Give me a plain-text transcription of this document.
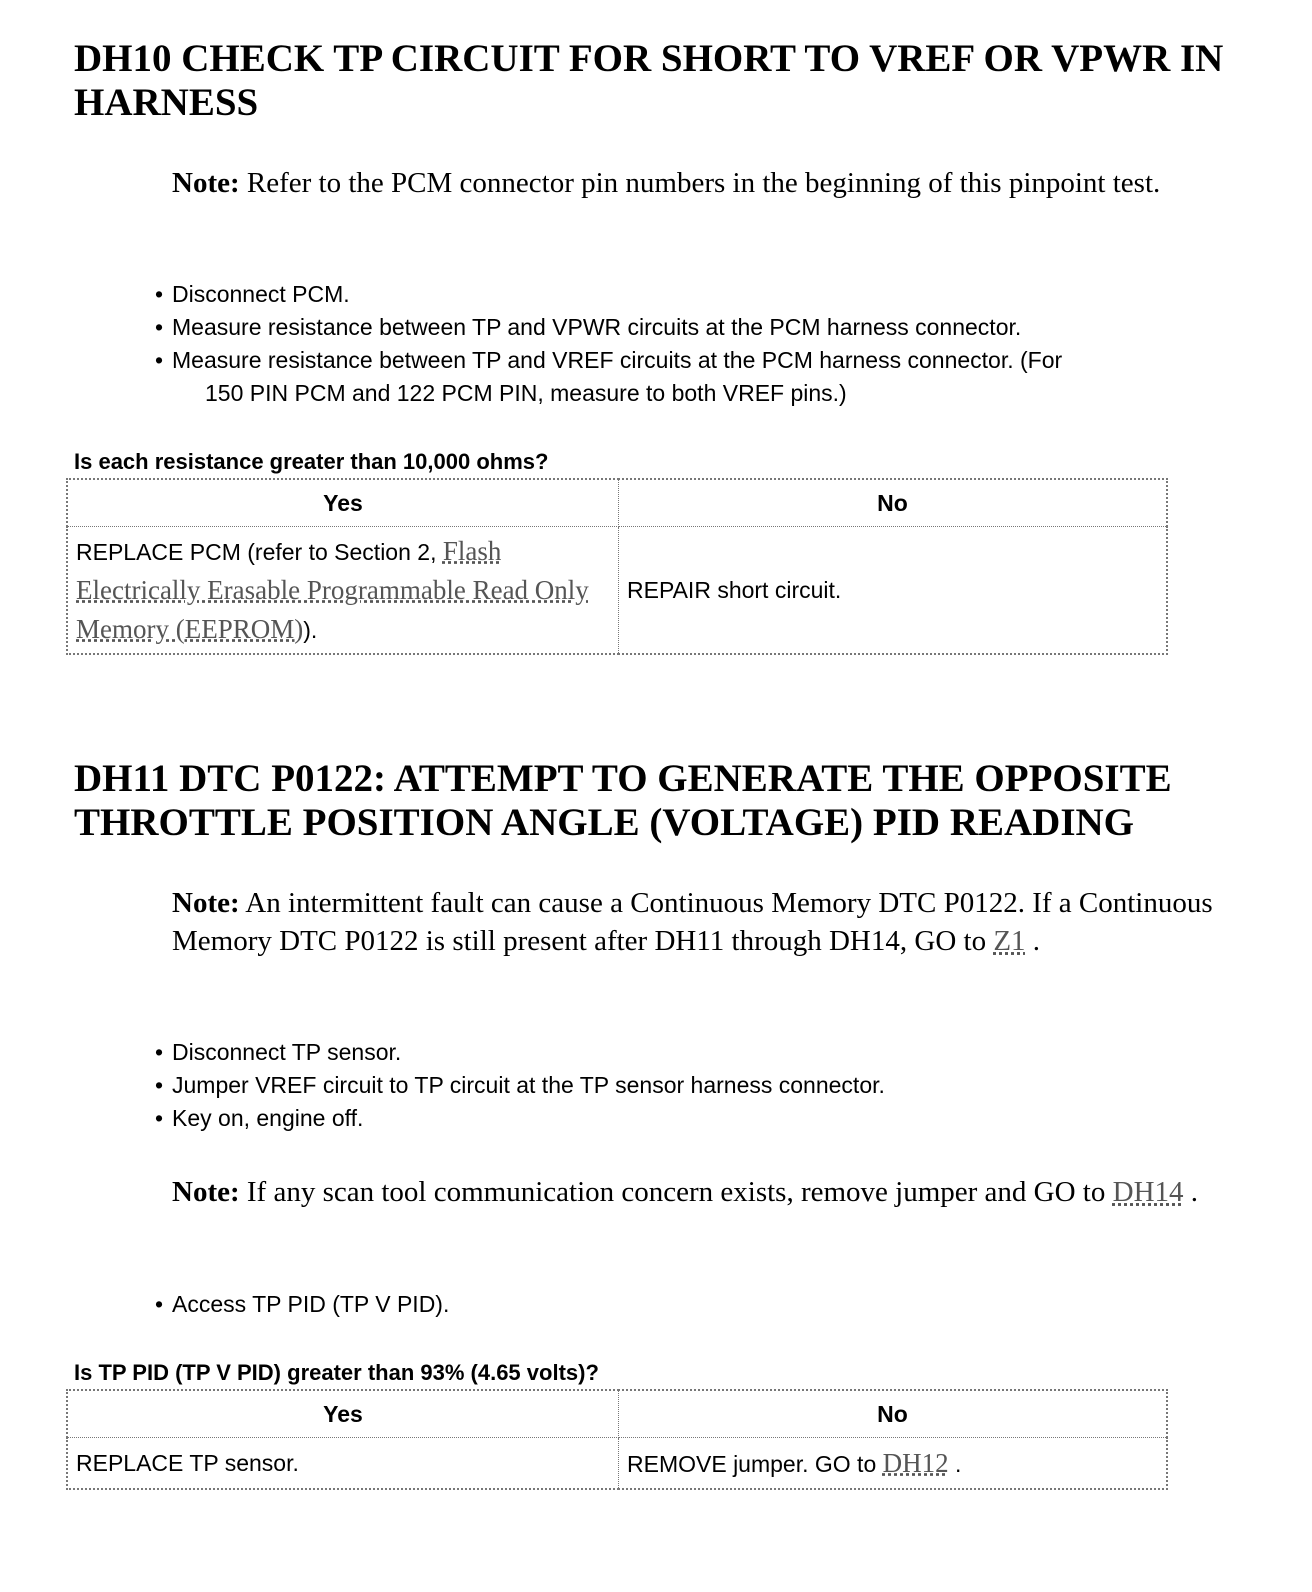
DH10 CHECK TP CIRCUIT FOR SHORT TO VREF OR VPWR IN HARNESS

Note: Refer to the PCM connector pin numbers in the beginning of this pinpoint test.

• Disconnect PCM.
• Measure resistance between TP and VPWR circuits at the PCM harness connector.
• Measure resistance between TP and VREF circuits at the PCM harness connector. (For
150 PIN PCM and 122 PCM PIN, measure to both VREF pins.)

Is each resistance greater than 10,000 ohms?

Yes	No
REPLACE PCM (refer to Section 2, Flash Electrically Erasable Programmable Read Only Memory (EEPROM)).	REPAIR short circuit.
DH11 DTC P0122: ATTEMPT TO GENERATE THE OPPOSITE THROTTLE POSITION ANGLE (VOLTAGE) PID READING

Note: An intermittent fault can cause a Continuous Memory DTC P0122. If a Continuous Memory DTC P0122 is still present after DH11 through DH14, GO to Z1 .

• Disconnect TP sensor.
• Jumper VREF circuit to TP circuit at the TP sensor harness connector.
• Key on, engine off.

Note: If any scan tool communication concern exists, remove jumper and GO to DH14 .

• Access TP PID (TP V PID).

Is TP PID (TP V PID) greater than 93% (4.65 volts)?

Yes	No
REPLACE TP sensor.	REMOVE jumper. GO to DH12 .
